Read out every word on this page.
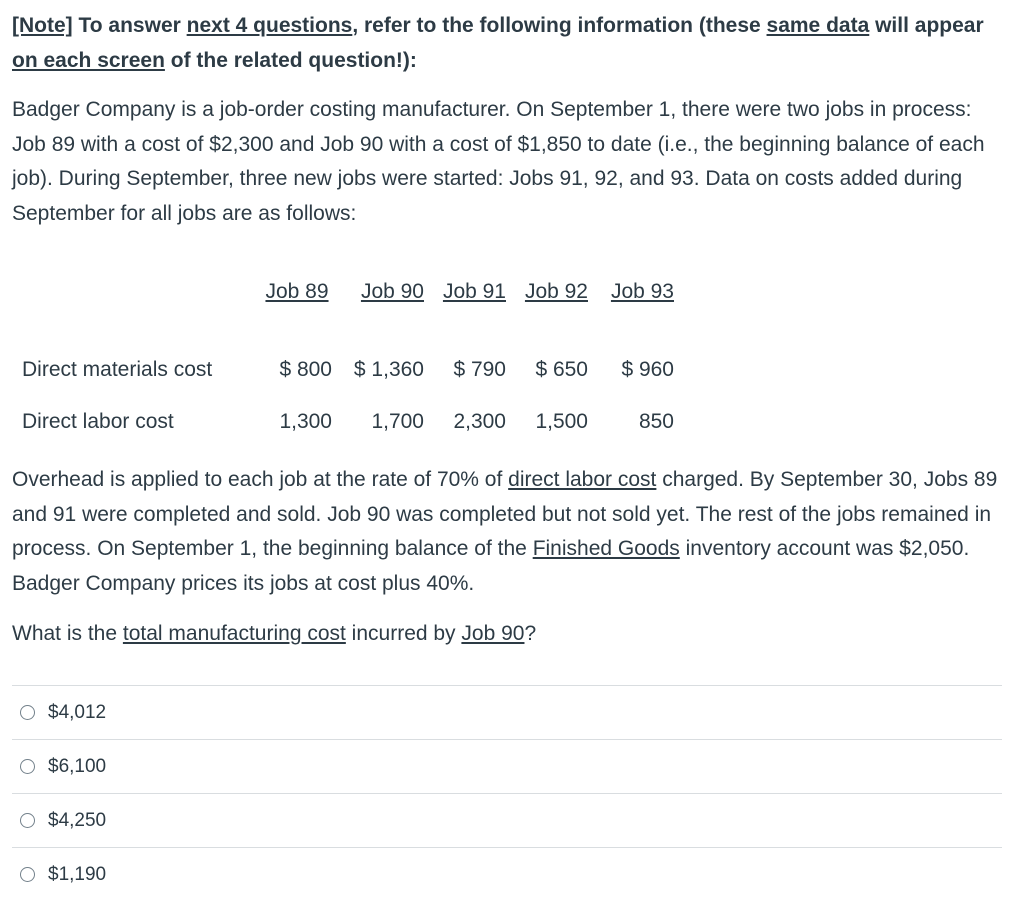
[Note] To answer next 4 questions, refer to the following information (these same data will appear on each screen of the related question!):

Badger Company is a job-order costing manufacturer. On September 1, there were two jobs in process: Job 89 with a cost of $2,300 and Job 90 with a cost of $1,850 to date (i.e., the beginning balance of each job). During September, three new jobs were started: Jobs 91, 92, and 93. Data on costs added during September for all jobs are as follows:

	Job 89	Job 90	Job 91	Job 92	Job 93

Direct materials cost	$ 800	$ 1,360	$ 790	$ 650	$ 960
Direct labor cost	1,300	1,700	2,300	1,500	850

Overhead is applied to each job at the rate of 70% of direct labor cost charged. By September 30, Jobs 89 and 91 were completed and sold. Job 90 was completed but not sold yet. The rest of the jobs remained in process. On September 1, the beginning balance of the Finished Goods inventory account was $2,050. Badger Company prices its jobs at cost plus 40%.

What is the total manufacturing cost incurred by Job 90?

$4,012
$6,100
$4,250
$1,190
